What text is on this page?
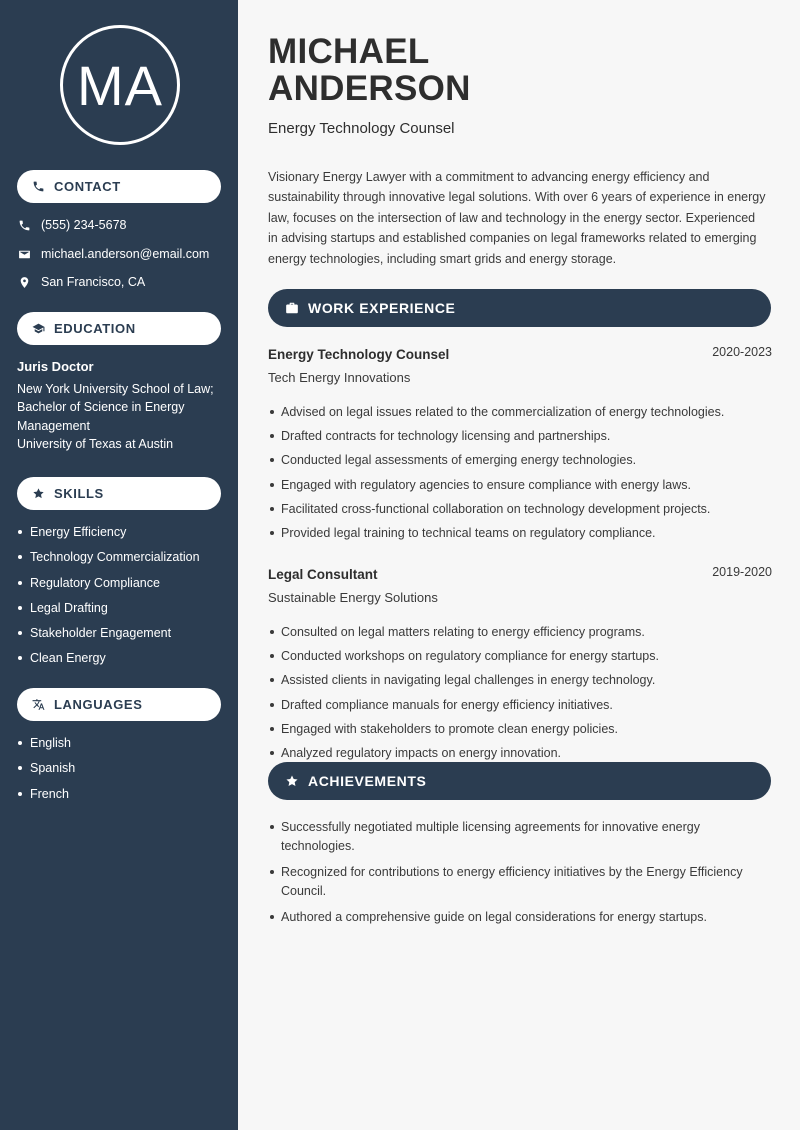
MA
CONTACT
(555) 234-5678
michael.anderson@email.com
San Francisco, CA
EDUCATION
Juris Doctor
New York University School of Law;
Bachelor of Science in Energy Management
University of Texas at Austin
SKILLS
Energy Efficiency
Technology Commercialization
Regulatory Compliance
Legal Drafting
Stakeholder Engagement
Clean Energy
LANGUAGES
English
Spanish
French
MICHAEL
ANDERSON
Energy Technology Counsel

Visionary Energy Lawyer with a commitment to advancing energy efficiency and sustainability through innovative legal solutions. With over 6 years of experience in energy law, focuses on the intersection of law and technology in the energy sector. Experienced in advising startups and established companies on legal frameworks related to emerging energy technologies, including smart grids and energy storage.

WORK EXPERIENCE
Energy Technology Counsel	2020-2023
Tech Energy Innovations
Advised on legal issues related to the commercialization of energy technologies.
Drafted contracts for technology licensing and partnerships.
Conducted legal assessments of emerging energy technologies.
Engaged with regulatory agencies to ensure compliance with energy laws.
Facilitated cross-functional collaboration on technology development projects.
Provided legal training to technical teams on regulatory compliance.
Legal Consultant	2019-2020
Sustainable Energy Solutions
Consulted on legal matters relating to energy efficiency programs.
Conducted workshops on regulatory compliance for energy startups.
Assisted clients in navigating legal challenges in energy technology.
Drafted compliance manuals for energy efficiency initiatives.
Engaged with stakeholders to promote clean energy policies.
Analyzed regulatory impacts on energy innovation.
ACHIEVEMENTS
Successfully negotiated multiple licensing agreements for innovative energy technologies.
Recognized for contributions to energy efficiency initiatives by the Energy Efficiency Council.
Authored a comprehensive guide on legal considerations for energy startups.
